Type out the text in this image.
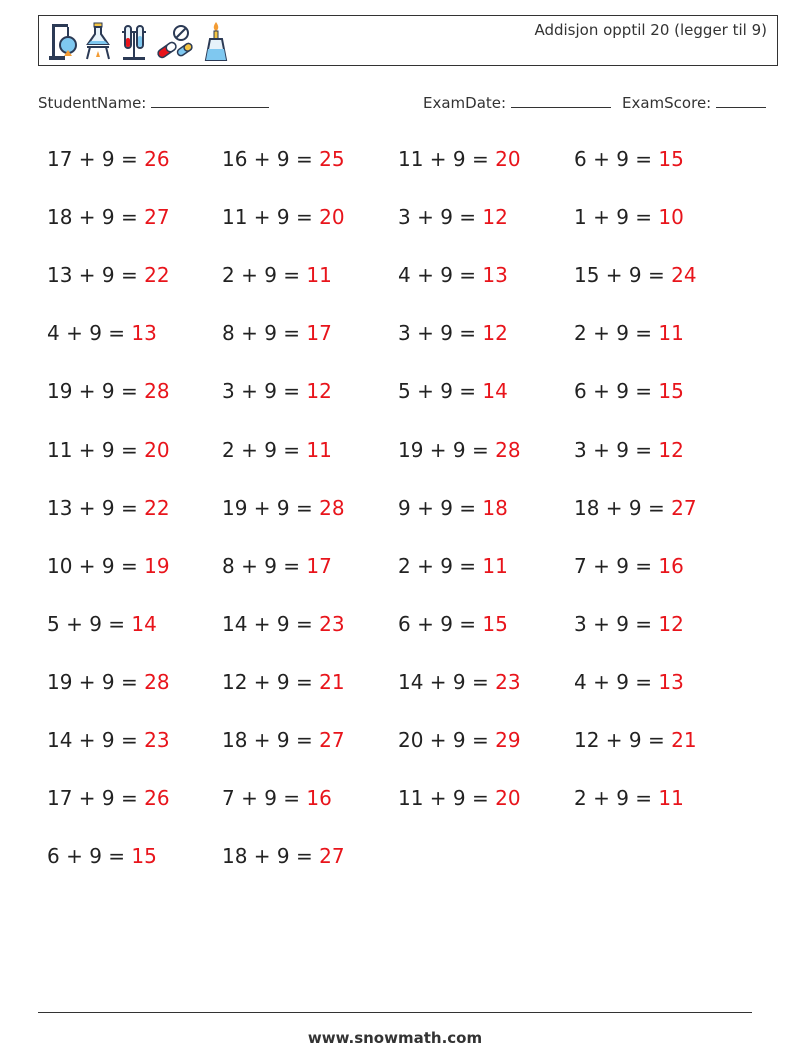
Addisjon opptil 20 (legger til 9)
StudentName:	ExamDate:	ExamScore:
17 + 9 = 26	16 + 9 = 25	11 + 9 = 20	6 + 9 = 15
18 + 9 = 27	11 + 9 = 20	3 + 9 = 12	1 + 9 = 10
13 + 9 = 22	2 + 9 = 11	4 + 9 = 13	15 + 9 = 24
4 + 9 = 13	8 + 9 = 17	3 + 9 = 12	2 + 9 = 11
19 + 9 = 28	3 + 9 = 12	5 + 9 = 14	6 + 9 = 15
11 + 9 = 20	2 + 9 = 11	19 + 9 = 28	3 + 9 = 12
13 + 9 = 22	19 + 9 = 28	9 + 9 = 18	18 + 9 = 27
10 + 9 = 19	8 + 9 = 17	2 + 9 = 11	7 + 9 = 16
5 + 9 = 14	14 + 9 = 23	6 + 9 = 15	3 + 9 = 12
19 + 9 = 28	12 + 9 = 21	14 + 9 = 23	4 + 9 = 13
14 + 9 = 23	18 + 9 = 27	20 + 9 = 29	12 + 9 = 21
17 + 9 = 26	7 + 9 = 16	11 + 9 = 20	2 + 9 = 11
6 + 9 = 15	18 + 9 = 27
www.snowmath.com
